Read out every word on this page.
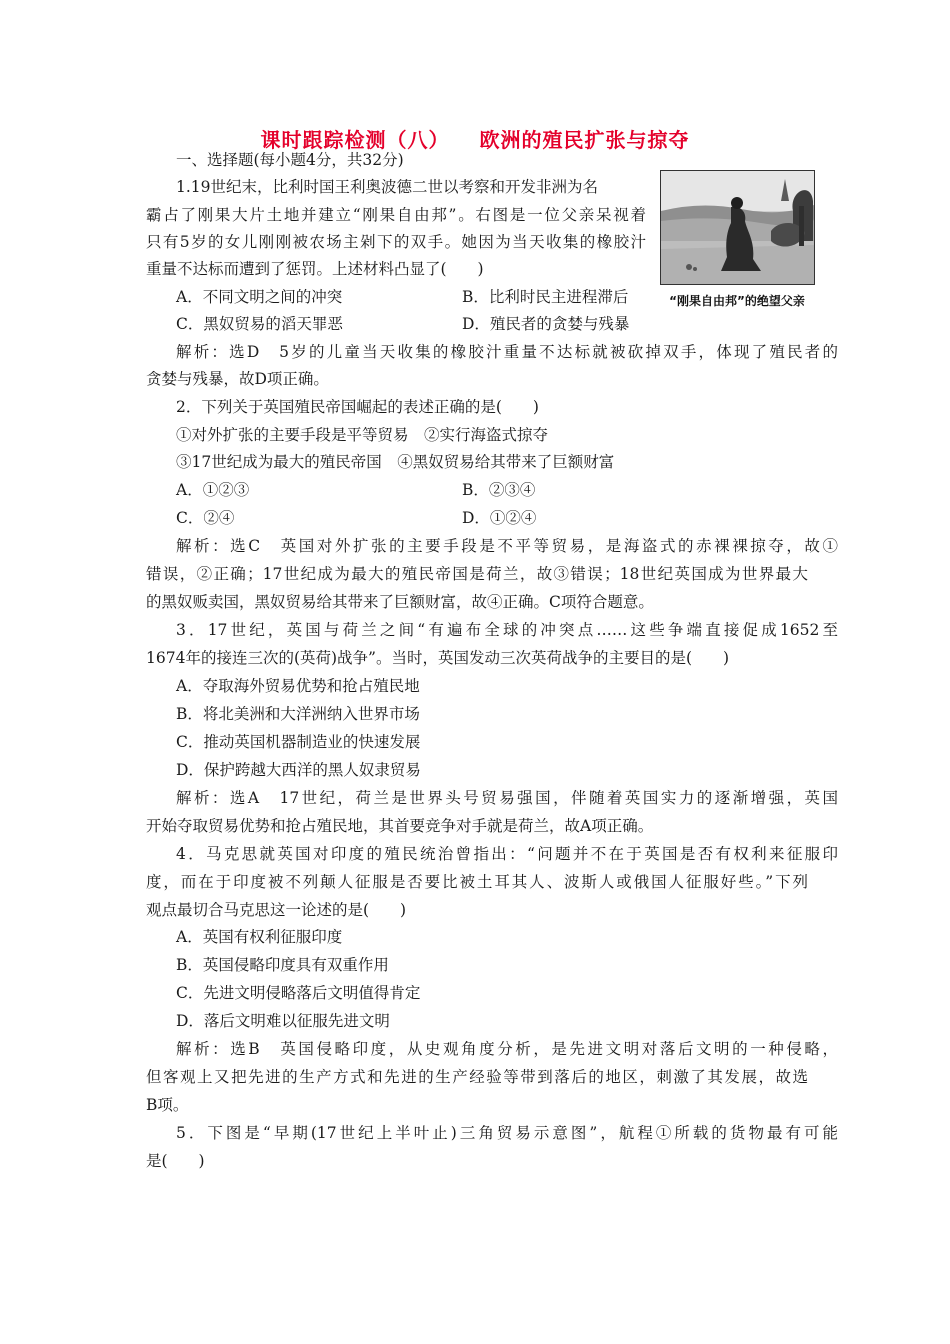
课时跟踪检测（八） 欧洲的殖民扩张与掠夺
一、选择题(每小题4分，共32分)
1.19世纪末，比利时国王利奥波德二世以考察和开发非洲为名
霸占了刚果大片土地并建立“刚果自由邦”。右图是一位父亲呆视着
只有5岁的女儿刚刚被农场主剁下的双手。她因为当天收集的橡胶汁
重量不达标而遭到了惩罚。上述材料凸显了(　　)
A．不同文明之间的冲突	B．比利时民主进程滞后
C．黑奴贸易的滔天罪恶	D．殖民者的贪婪与残暴
“刚果自由邦”的绝望父亲
解析：选D　5岁的儿童当天收集的橡胶汁重量不达标就被砍掉双手，体现了殖民者的
贪婪与残暴，故D项正确。
2．下列关于英国殖民帝国崛起的表述正确的是(　　)
①对外扩张的主要手段是平等贸易　②实行海盗式掠夺
③17世纪成为最大的殖民帝国　④黑奴贸易给其带来了巨额财富
A．①②③	B．②③④
C．②④	D．①②④
解析：选C　英国对外扩张的主要手段是不平等贸易，是海盗式的赤裸裸掠夺，故①
错误，②正确；17世纪成为最大的殖民帝国是荷兰，故③错误；18世纪英国成为世界最大
的黑奴贩卖国，黑奴贸易给其带来了巨额财富，故④正确。C项符合题意。
3．17世纪，英国与荷兰之间“有遍布全球的冲突点……这些争端直接促成1652至
1674年的接连三次的(英荷)战争”。当时，英国发动三次英荷战争的主要目的是(　　)
A．夺取海外贸易优势和抢占殖民地
B．将北美洲和大洋洲纳入世界市场
C．推动英国机器制造业的快速发展
D．保护跨越大西洋的黑人奴隶贸易
解析：选A　17世纪，荷兰是世界头号贸易强国，伴随着英国实力的逐渐增强，英国
开始夺取贸易优势和抢占殖民地，其首要竞争对手就是荷兰，故A项正确。
4．马克思就英国对印度的殖民统治曾指出：“问题并不在于英国是否有权利来征服印
度，而在于印度被不列颠人征服是否要比被土耳其人、波斯人或俄国人征服好些。”下列
观点最切合马克思这一论述的是(　　)
A．英国有权利征服印度
B．英国侵略印度具有双重作用
C．先进文明侵略落后文明值得肯定
D．落后文明难以征服先进文明
解析：选B　英国侵略印度，从史观角度分析，是先进文明对落后文明的一种侵略，
但客观上又把先进的生产方式和先进的生产经验等带到落后的地区，刺激了其发展，故选
B项。
5．下图是“早期(17世纪上半叶止)三角贸易示意图”，航程①所载的货物最有可能
是(　　)
